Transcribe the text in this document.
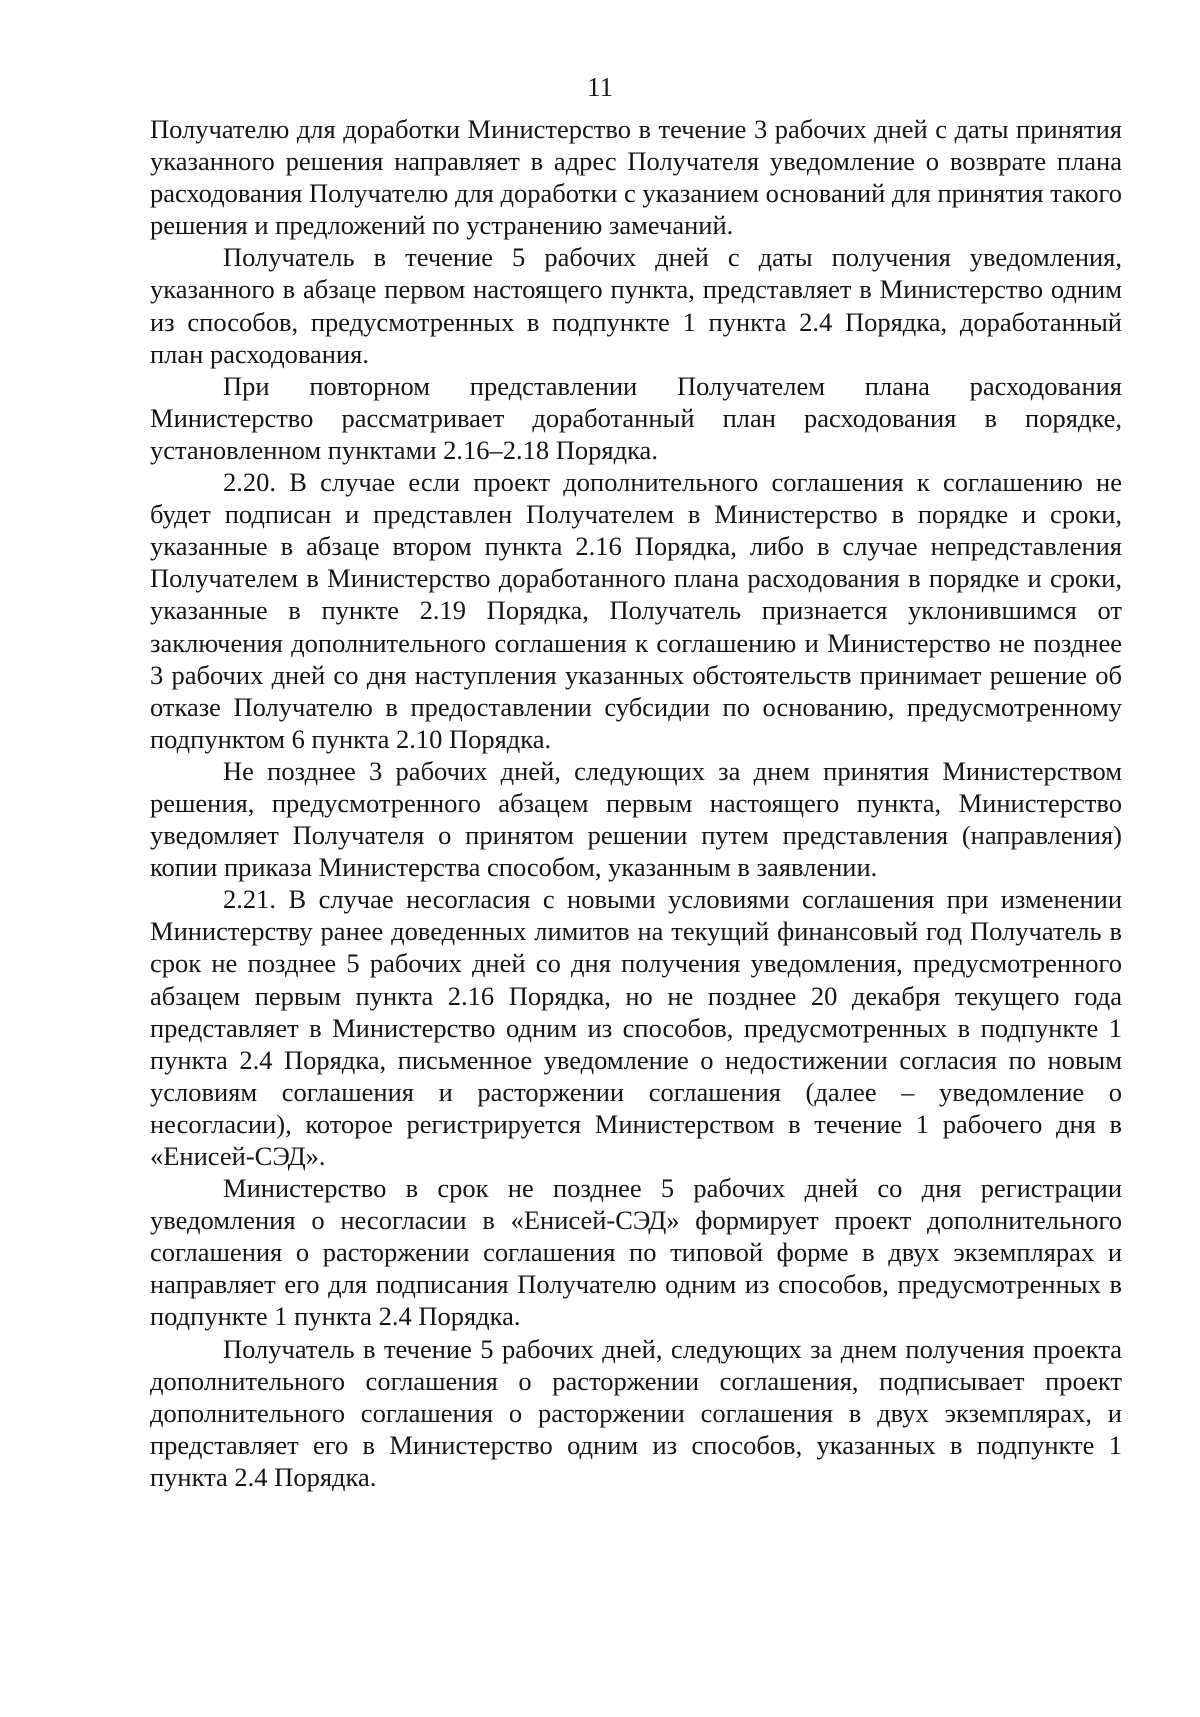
11

Получателю для доработки Министерство в течение 3 рабочих дней с даты принятия указанного решения направляет в адрес Получателя уведомление о возврате плана расходования Получателю для доработки с указанием оснований для принятия такого решения и предложений по устранению замечаний.

Получатель в течение 5 рабочих дней с даты получения уведомления, указанного в абзаце первом настоящего пункта, представляет в Министерство одним из способов, предусмотренных в подпункте 1 пункта 2.4 Порядка, доработанный план расходования.

При повторном представлении Получателем плана расходования Министерство рассматривает доработанный план расходования в порядке, установленном пунктами 2.16–2.18 Порядка.

2.20. В случае если проект дополнительного соглашения к соглашению не будет подписан и представлен Получателем в Министерство в порядке и сроки, указанные в абзаце втором пункта 2.16 Порядка, либо в случае непредставления Получателем в Министерство доработанного плана расходования в порядке и сроки, указанные в пункте 2.19 Порядка, Получатель признается уклонившимся от заключения дополнительного соглашения к соглашению и Министерство не позднее 3 рабочих дней со дня наступления указанных обстоятельств принимает решение об отказе Получателю в предоставлении субсидии по основанию, предусмотренному подпунктом 6 пункта 2.10 Порядка.

Не позднее 3 рабочих дней, следующих за днем принятия Министерством решения, предусмотренного абзацем первым настоящего пункта, Министерство уведомляет Получателя о принятом решении путем представления (направления) копии приказа Министерства способом, указанным в заявлении.

2.21. В случае несогласия с новыми условиями соглашения при изменении Министерству ранее доведенных лимитов на текущий финансовый год Получатель в срок не позднее 5 рабочих дней со дня получения уведомления, предусмотренного абзацем первым пункта 2.16 Порядка, но не позднее 20 декабря текущего года представляет в Министерство одним из способов, предусмотренных в подпункте 1 пункта 2.4 Порядка, письменное уведомление о недостижении согласия по новым условиям соглашения и расторжении соглашения (далее – уведомление о несогласии), которое регистрируется Министерством в течение 1 рабочего дня в «Енисей-СЭД».

Министерство в срок не позднее 5 рабочих дней со дня регистрации уведомления о несогласии в «Енисей-СЭД» формирует проект дополнительного соглашения о расторжении соглашения по типовой форме в двух экземплярах и направляет его для подписания Получателю одним из способов, предусмотренных в подпункте 1 пункта 2.4 Порядка.

Получатель в течение 5 рабочих дней, следующих за днем получения проекта дополнительного соглашения о расторжении соглашения, подписывает проект дополнительного соглашения о расторжении соглашения в двух экземплярах, и представляет его в Министерство одним из способов, указанных в подпункте 1 пункта 2.4 Порядка.
